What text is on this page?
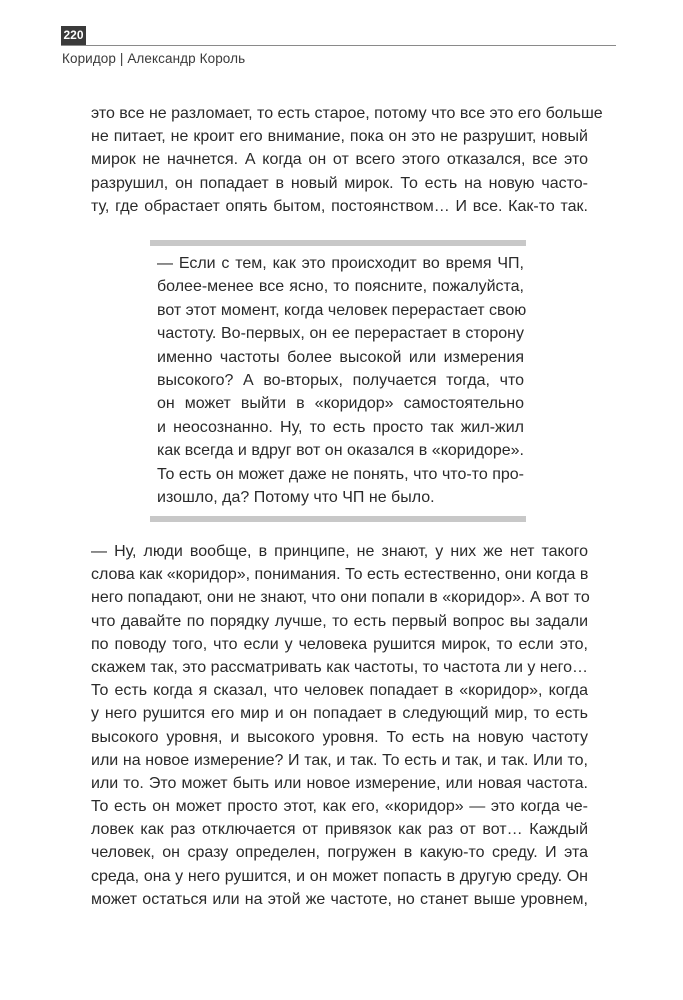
220
Коридор | Александр Король
это все не разломает, то есть старое, потому что все это его больше
не питает, не кроит его внимание, пока он это не разрушит, новый
мирок не начнется. А когда он от всего этого отказался, все это
разрушил, он попадает в новый мирок. То есть на новую часто-
ту, где обрастает опять бытом, постоянством… И все. Как-то так.
— Если с тем, как это происходит во время ЧП,
более-менее все ясно, то поясните, пожалуйста,
вот этот момент, когда человек перерастает свою
частоту. Во-первых, он ее перерастает в сторону
именно частоты более высокой или измерения
высокого? А во-вторых, получается тогда, что
он может выйти в «коридор» самостоятельно
и неосознанно. Ну, то есть просто так жил-жил
как всегда и вдруг вот он оказался в «коридоре».
То есть он может даже не понять, что что-то про-
изошло, да? Потому что ЧП не было.
— Ну, люди вообще, в принципе, не знают, у них же нет такого
слова как «коридор», понимания. То есть естественно, они когда в
него попадают, они не знают, что они попали в «коридор». А вот то
что давайте по порядку лучше, то есть первый вопрос вы задали
по поводу того, что если у человека рушится мирок, то если это,
скажем так, это рассматривать как частоты, то частота ли у него…
То есть когда я сказал, что человек попадает в «коридор», когда
у него рушится его мир и он попадает в следующий мир, то есть
высокого уровня, и высокого уровня. То есть на новую частоту
или на новое измерение? И так, и так. То есть и так, и так. Или то,
или то. Это может быть или новое измерение, или новая частота.
То есть он может просто этот, как его, «коридор» — это когда че-
ловек как раз отключается от привязок как раз от вот… Каждый
человек, он сразу определен, погружен в какую-то среду. И эта
среда, она у него рушится, и он может попасть в другую среду. Он
может остаться или на этой же частоте, но станет выше уровнем,
